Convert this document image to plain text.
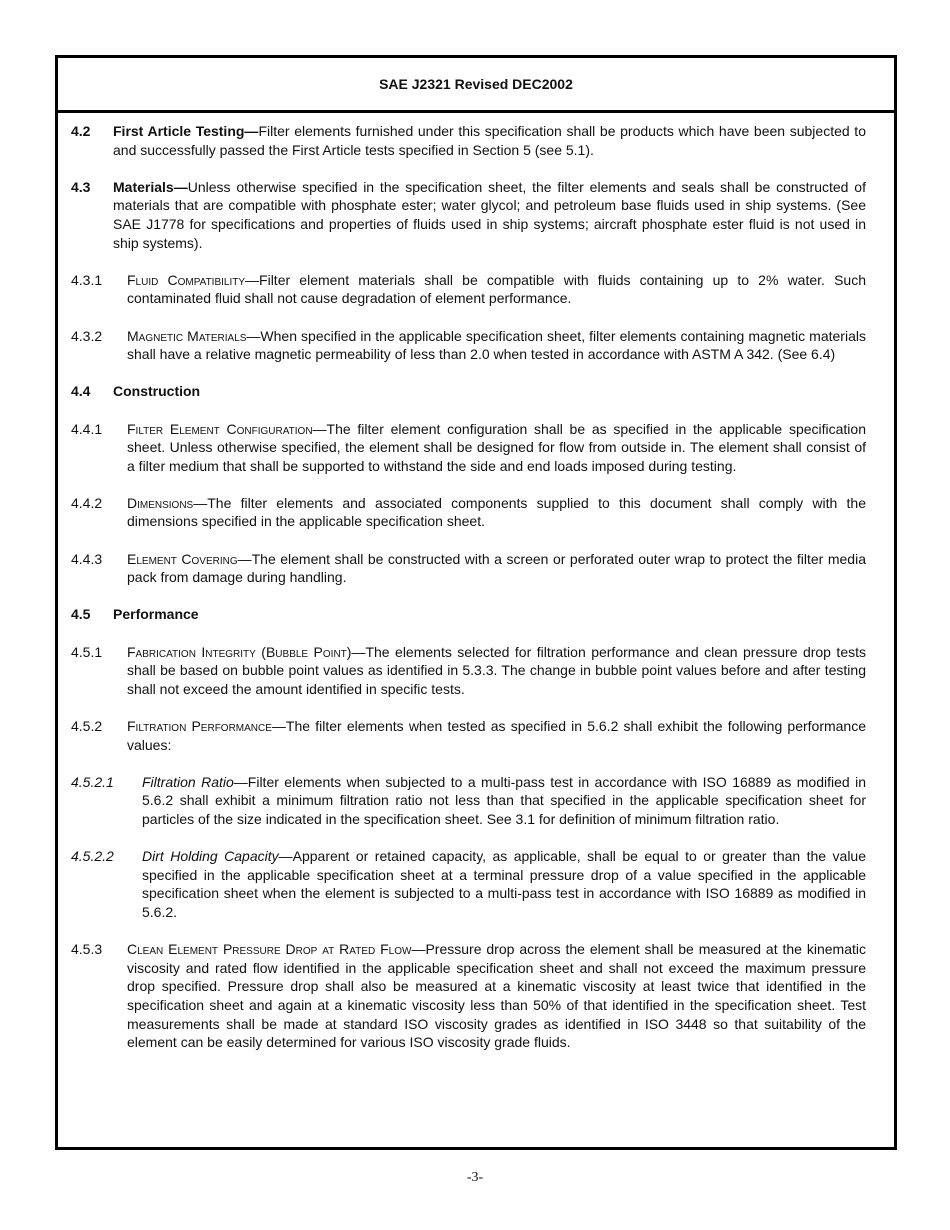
SAE J2321 Revised DEC2002
4.2	First Article Testing—Filter elements furnished under this specification shall be products which have been subjected to and successfully passed the First Article tests specified in Section 5 (see 5.1).
4.3	Materials—Unless otherwise specified in the specification sheet, the filter elements and seals shall be constructed of materials that are compatible with phosphate ester; water glycol; and petroleum base fluids used in ship systems. (See SAE J1778 for specifications and properties of fluids used in ship systems; aircraft phosphate ester fluid is not used in ship systems).
4.3.1	Fluid Compatibility—Filter element materials shall be compatible with fluids containing up to 2% water. Such contaminated fluid shall not cause degradation of element performance.
4.3.2	Magnetic Materials—When specified in the applicable specification sheet, filter elements containing magnetic materials shall have a relative magnetic permeability of less than 2.0 when tested in accordance with ASTM A 342. (See 6.4)
4.4	Construction
4.4.1	Filter Element Configuration—The filter element configuration shall be as specified in the applicable specification sheet. Unless otherwise specified, the element shall be designed for flow from outside in. The element shall consist of a filter medium that shall be supported to withstand the side and end loads imposed during testing.
4.4.2	Dimensions—The filter elements and associated components supplied to this document shall comply with the dimensions specified in the applicable specification sheet.
4.4.3	Element Covering—The element shall be constructed with a screen or perforated outer wrap to protect the filter media pack from damage during handling.
4.5	Performance
4.5.1	Fabrication Integrity (Bubble Point)—The elements selected for filtration performance and clean pressure drop tests shall be based on bubble point values as identified in 5.3.3. The change in bubble point values before and after testing shall not exceed the amount identified in specific tests.
4.5.2	Filtration Performance—The filter elements when tested as specified in 5.6.2 shall exhibit the following performance values:
4.5.2.1	Filtration Ratio—Filter elements when subjected to a multi-pass test in accordance with ISO 16889 as modified in 5.6.2 shall exhibit a minimum filtration ratio not less than that specified in the applicable specification sheet for particles of the size indicated in the specification sheet. See 3.1 for definition of minimum filtration ratio.
4.5.2.2	Dirt Holding Capacity—Apparent or retained capacity, as applicable, shall be equal to or greater than the value specified in the applicable specification sheet at a terminal pressure drop of a value specified in the applicable specification sheet when the element is subjected to a multi-pass test in accordance with ISO 16889 as modified in 5.6.2.
4.5.3	Clean Element Pressure Drop at Rated Flow—Pressure drop across the element shall be measured at the kinematic viscosity and rated flow identified in the applicable specification sheet and shall not exceed the maximum pressure drop specified. Pressure drop shall also be measured at a kinematic viscosity at least twice that identified in the specification sheet and again at a kinematic viscosity less than 50% of that identified in the specification sheet. Test measurements shall be made at standard ISO viscosity grades as identified in ISO 3448 so that suitability of the element can be easily determined for various ISO viscosity grade fluids.
-3-
